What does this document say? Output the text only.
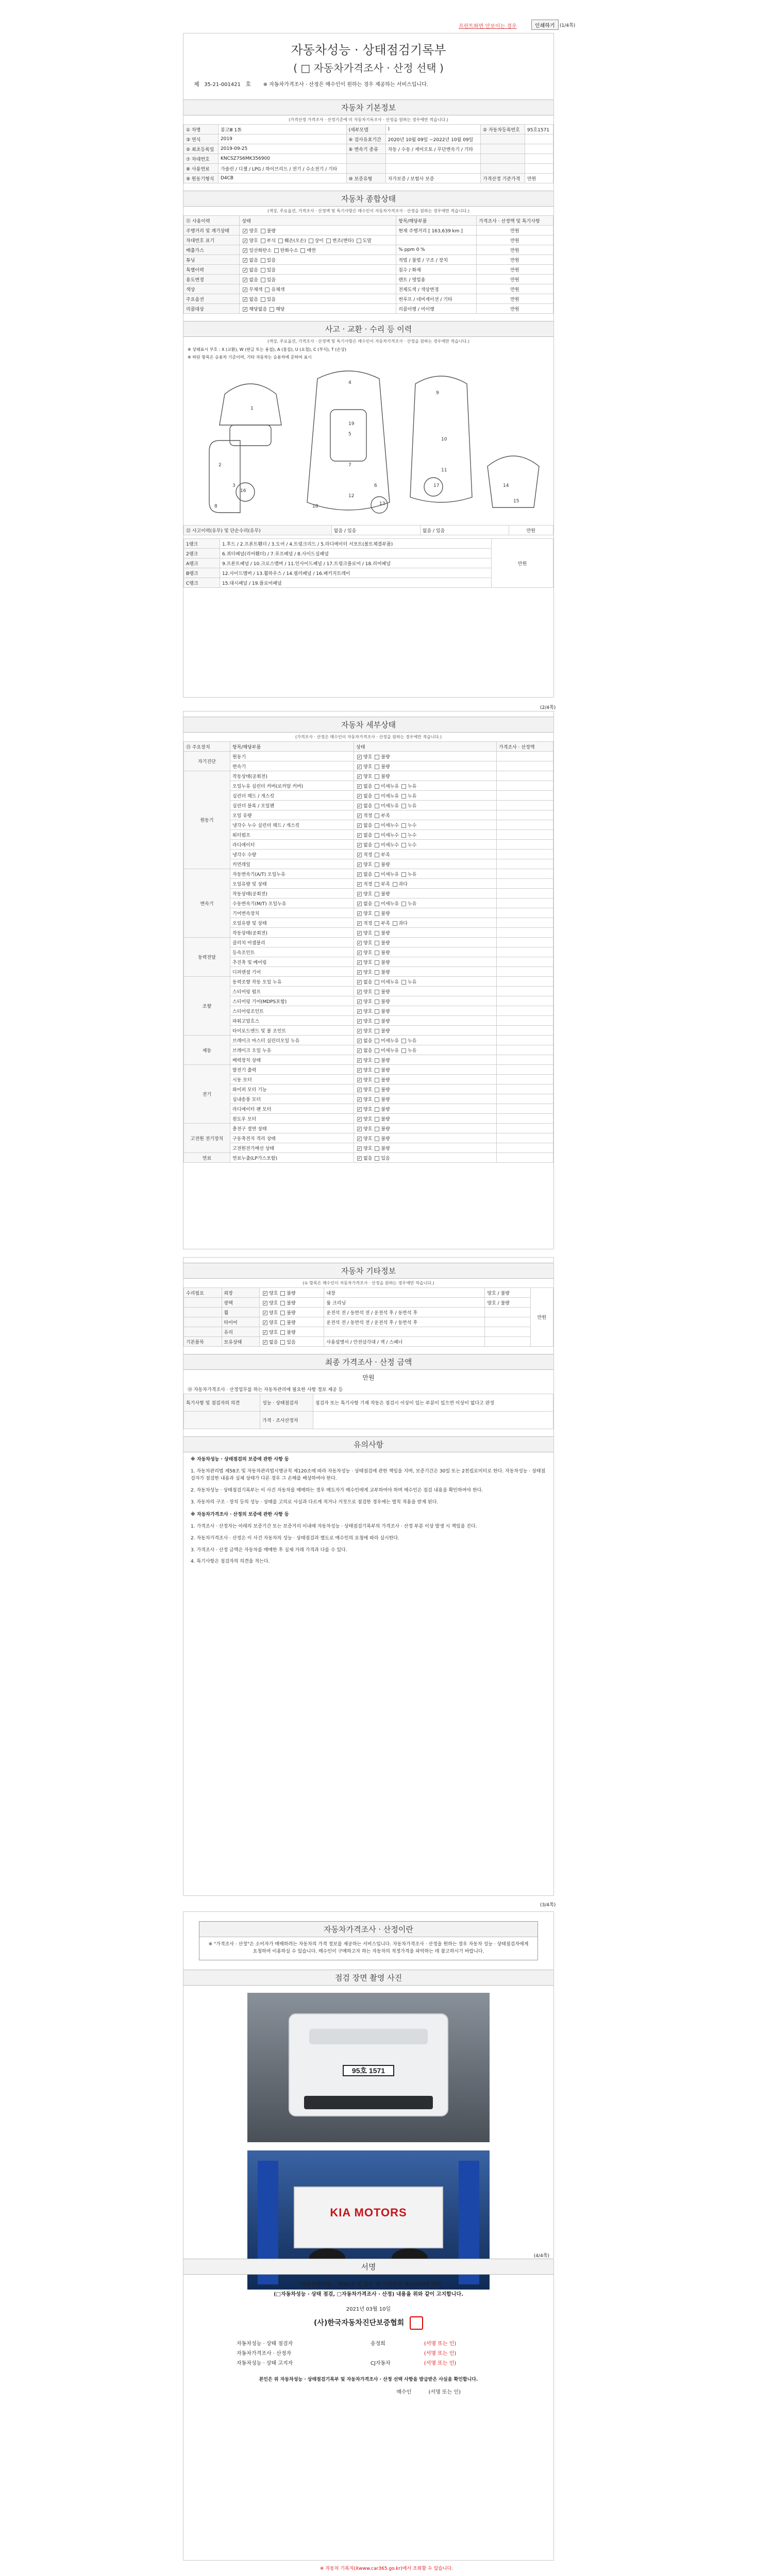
프린트화면 안보이는 경우	인쇄하기	(1/4쪽)
자동차성능 · 상태점검기록부
( □ 자동차가격조사 · 산정 선택 )
제 35-21-001421 호 ※ 자동차가격조사 · 산정은 매수인이 원하는 경우 제공하는 서비스입니다.
자동차 기본정보
(가격산정 가격조사 · 산정기준에 미 자동차기록조사 · 산정을 원하는 경우에만 적습니다.)
① 차명	봉고Ⅲ 1톤	(세부모델	)	② 자동차등록번호	95호1571
③ 연식	2019	④ 검사유효기간	2020년 10월 09일 ~2022년 10월 09일		
⑤ 최초등록일	2019-09-25	⑥ 변속기 종류	자동 / 수동 / 세미오토 / 무단변속기 / 기타		
⑦ 차대번호	KNCSZ7S6MK356900				
⑧ 사용연료	가솔린 / 디젤 / LPG / 하이브리드 / 전기 / 수소전기 / 기타				
⑨ 원동기형식	D4CB	⑩ 보증유형	자가보증 / 보험사 보증	가격산정 기준가격	만원
자동차 종합상태
(색상, 주요옵션, 가격조사 · 산정액 및 특기사항은 매수인이 자동차가격조사 · 산정을 원하는 경우에만 적습니다.)
⑪ 사용이력	상태	항목/해당부품	가격조사 · 산정액 및 특기사항
주행거리 및 계기상태	✓양호 불량	현재 주행거리 [ 163,639 km ]	만원
차대번호 표기	✓양호 부식 훼손(오손) 상이 변조(변타) 도말		만원
배출가스	✓일산화탄소 탄화수소 매연	% ppm 0 %	만원
튜닝	✓없음 있음	적법 / 불법 / 구조 / 장치	만원
특별이력	✓없음 있음	침수 / 화재	만원
용도변경	✓없음 있음	렌트 / 영업용	만원
색상	✓무채색 유채색	전체도색 / 색상변경	만원
주요옵션	✓없음 있음	썬루프 / 네비게이션 / 기타	만원
리콜대상	✓해당없음 해당	리콜이행 / 미이행	만원
사고 · 교환 · 수리 등 이력
(색상, 주요옵션, 가격조사 · 산정액 및 특기사항은 매수인이 자동차가격조사 · 산정을 원하는 경우에만 적습니다.)
※ 상태표시 부호 : X (교환), W (판금 또는 용접), A (흠집), U (요철), C (부식), T (손상)
※ 하단 항목은 승용차 기준이며, 기타 자동차는 승용차에 준하여 표시
1
2
3
4
5
6
7
8
9
10
11
12
13
14
15
16
17
18
19
⑫ 사고이력(유무) 및 단순수리(유무)	없음 / 있음	없음 / 있음	만원
1랭크	1.후드 / 2.프론트휀더 / 3.도어 / 4.트렁크리드 / 5.라디에이터 서포트(볼트체결부품)	만원
2랭크	6.쿼터패널(리어휀더) / 7.루프패널 / 8.사이드실패널	
A랭크	9.프론트패널 / 10.크로스멤버 / 11.인사이드패널 / 17.트렁크플로어 / 18.리어패널	
B랭크	12.사이드멤버 / 13.휠하우스 / 14.필러패널 / 16.패키지트레이	
C랭크	15.대시패널 / 19.플로어패널	
(2/4쪽)
자동차 세부상태
(가격조사 · 산정은 매수인이 자동차가격조사 · 산정을 원하는 경우에만 적습니다.)
⑬ 주요장치	항목/해당부품	상태	가격조사 · 산정액
자기진단	원동기	✓양호 불량	
	변속기	✓양호 불량	
원동기	작동상태(공회전)	✓양호 불량	
	오일누유 실린더 커버(로커암 커버)	✓없음 미세누유 누유	
	실린더 헤드 / 개스킷	✓없음 미세누유 누유	
	실린더 블록 / 오일팬	✓없음 미세누유 누유	
	오일 유량	✓적정 부족	
	냉각수 누수 실린더 헤드 / 개스킷	✓없음 미세누수 누수	
	워터펌프	✓없음 미세누수 누수	
	라디에이터	✓없음 미세누수 누수	
	냉각수 수량	✓적정 부족	
	커먼레일	✓양호 불량	
변속기	자동변속기(A/T) 오일누유	✓없음 미세누유 누유	
	오일유량 및 상태	✓적정 부족 과다	
	작동상태(공회전)	✓양호 불량	
	수동변속기(M/T) 오일누유	✓없음 미세누유 누유	
	기어변속장치	✓양호 불량	
	오일유량 및 상태	✓적정 부족 과다	
	작동상태(공회전)	✓양호 불량	
동력전달	클러치 어셈블리	✓양호 불량	
	등속조인트	✓양호 불량	
	추진축 및 베어링	✓양호 불량	
	디퍼렌셜 기어	✓양호 불량	
조향	동력조향 작동 오일 누유	✓없음 미세누유 누유	
	스티어링 펌프	✓양호 불량	
	스티어링 기어(MDPS포함)	✓양호 불량	
	스티어링조인트	✓양호 불량	
	파워고압호스	✓양호 불량	
	타이로드엔드 및 볼 조인트	✓양호 불량	
제동	브레이크 마스터 실린더오일 누유	✓없음 미세누유 누유	
	브레이크 오일 누유	✓없음 미세누유 누유	
	배력장치 상태	✓양호 불량	
전기	발전기 출력	✓양호 불량	
	시동 모터	✓양호 불량	
	와이퍼 모터 기능	✓양호 불량	
	실내송풍 모터	✓양호 불량	
	라디에이터 팬 모터	✓양호 불량	
	윈도우 모터	✓양호 불량	
고전원 전기장치	충전구 절연 상태	✓양호 불량	
	구동축전지 격리 상태	✓양호 불량	
	고전원전기배선 상태	✓양호 불량	
연료	연료누출(LP가스포함)	✓없음 있음	
자동차 기타정보
(① 항목은 매수인이 자동차가격조사 · 산정을 원하는 경우에만 적습니다.)
수리필요	외장	✓양호 불량	내장	양호 / 불량	만원
	광택	✓양호 불량	룸 크리닝	양호 / 불량	
	휠	✓양호 불량	운전석 전 / 동반석 전 / 운전석 후 / 동반석 후		
	타이어	✓양호 불량	운전석 전 / 동반석 전 / 운전석 후 / 동반석 후		
	유리	✓양호 불량		
기본품목	보유상태	✓없음 있음	사용설명서 / 안전삼각대 / 잭 / 스패너		
최종 가격조사 · 산정 금액
만원
⑭ 자동차가격조사 · 산정업무를 하는 자동차관리에 필요한 사항 정보 제공 등
특기사항 및 점검자의 의견	성능 · 상태점검자	점검자 또는 특기사항 기재 작동은 점검시 이상이 있는 부분이 있으면 이상이 없다고 판정
	가격 · 조사산정자	
유의사항
※ 자동차성능 · 상태점검의 보증에 관한 사항 등

1. 자동차관리법 제58조 및 자동차관리법시행규칙 제120조에 따라 자동차성능 · 상태점검에 관한 책임을 지며, 보증기간은 30일 또는 2천킬로미터로 한다. 자동차성능 · 상태점검자가 점검한 내용과 실제 상태가 다른 경우 그 손해를 배상하여야 한다.

2. 자동차성능 · 상태점검기록부는 이 사건 자동차를 매매하는 경우 매도자가 매수인에게 교부하여야 하며 매수인은 점검 내용을 확인하여야 한다.

3. 자동차의 구조 · 장치 등의 성능 · 상태를 고의로 사실과 다르게 적거나 거짓으로 점검한 경우에는 벌칙 적용을 받게 된다.

※ 자동차가격조사 · 산정의 보증에 관한 사항 등

1. 가격조사 · 산정자는 아래의 보증기간 또는 보증거리 이내에 자동차성능 · 상태점검기록부의 가격조사 · 산정 부분 이상 발생 시 책임을 진다.

2. 자동차가격조사 · 산정은 이 사건 자동차의 성능 · 상태점검과 별도로 매수인의 요청에 따라 실시한다.

3. 가격조사 · 산정 금액은 자동차를 매매한 후 실제 거래 가격과 다를 수 있다.

4. 특기사항은 점검자의 의견을 적는다.

(3/4쪽)
자동차가격조사 · 산정이란
※ "가격조사 · 산정"은 소비자가 매매하려는 자동차의 가격 정보를 제공하는 서비스입니다. 자동차가격조사 · 산정을 원하는 경우 자동차 성능 · 상태점검자에게 요청하여 이용하실 수 있습니다. 매수인이 구매하고자 하는 자동차의 적정가격을 파악하는 데 참고하시기 바랍니다.
점검 장면 촬영 사진
95호 1571
KIA MOTORS
(4/4쪽)
서명
「자동차관리법」 제58조 및 같은 법 시행규칙 제120조에 따라
(□자동차성능 · 상태 점검, □자동차가격조사 · 산정) 내용을 위와 같이 고지합니다.
2021년 03월 10일
(사)한국자동차진단보증협회
자동차성능 · 상태 점검자	송정희	(서명 또는 인)
자동차가격조사 · 산정자		(서명 또는 인)
자동차성능 · 상태 고지자	CJ자동차	(서명 또는 인)
본인은 위 자동차성능 · 상태점검기록부 및 자동차가격조사 · 산정 선택 사항을 발급받은 사실을 확인합니다.
매수인	(서명 또는 인)
※ 자동차 기록지(Xwww.car365.go.kr)에서 조회할 수 있습니다.
